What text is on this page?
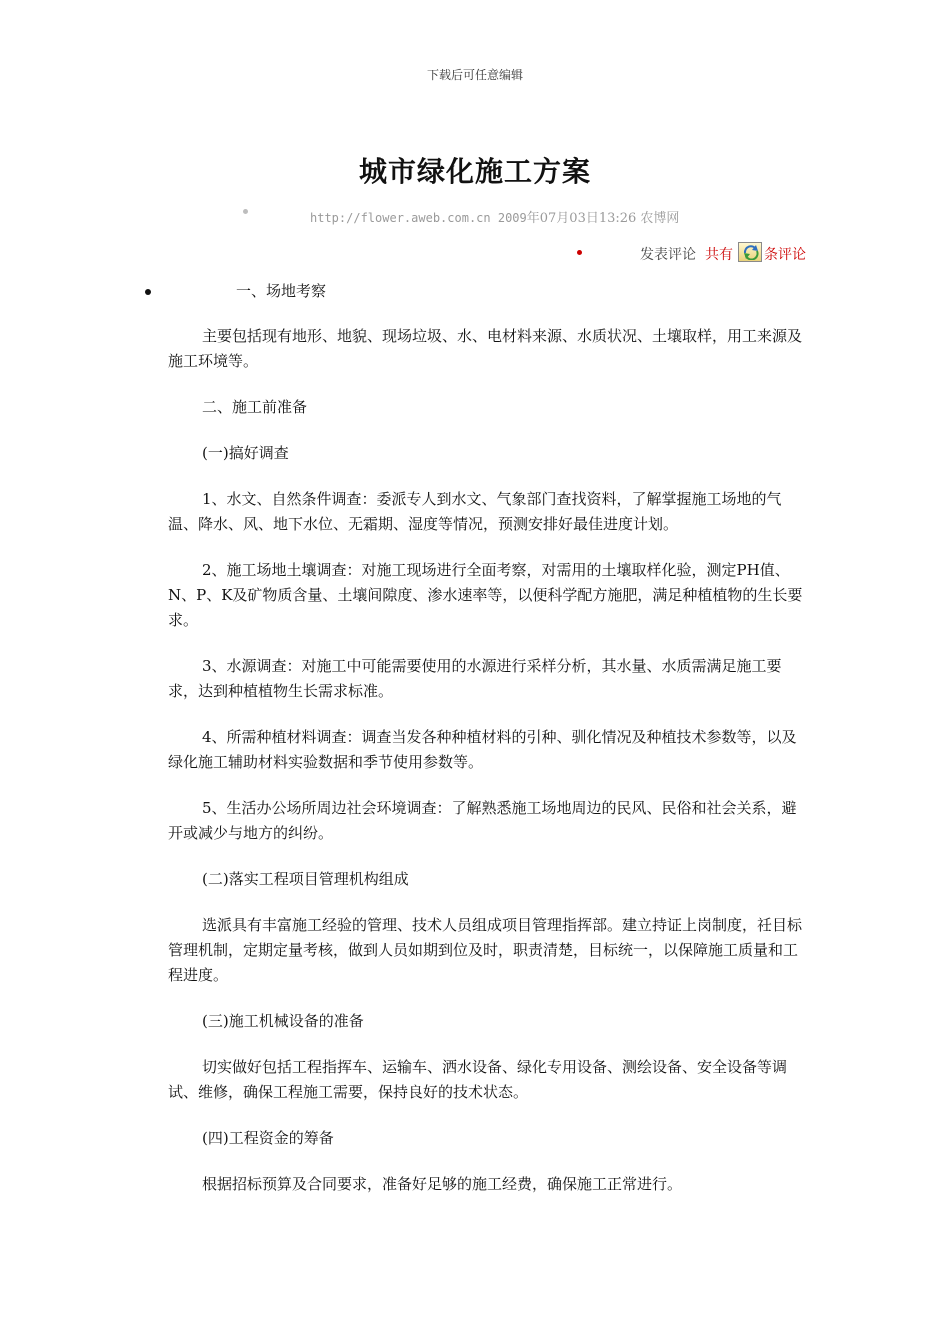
下载后可任意编辑
城市绿化施工方案
http://flower.aweb.com.cn 2009年07月03日13:26 农博网
发表评论 共有 条评论
一、场地考察

主要包括现有地形、地貌、现场垃圾、水、电材料来源、水质状况、土壤取样，用工来源及施工环境等。

二、施工前准备

(一)搞好调查

1、水文、自然条件调查：委派专人到水文、气象部门查找资料，了解掌握施工场地的气温、降水、风、地下水位、无霜期、湿度等情况，预测安排好最佳进度计划。

2、施工场地土壤调查：对施工现场进行全面考察，对需用的土壤取样化验，测定PH值、N、P、K及矿物质含量、土壤间隙度、渗水速率等，以便科学配方施肥，满足种植植物的生长要求。

3、水源调查：对施工中可能需要使用的水源进行采样分析，其水量、水质需满足施工要求，达到种植植物生长需求标准。

4、所需种植材料调查：调查当发各种种植材料的引种、驯化情况及种植技术参数等，以及绿化施工辅助材料实验数据和季节使用参数等。

5、生活办公场所周边社会环境调查：了解熟悉施工场地周边的民风、民俗和社会关系，避开或减少与地方的纠纷。

(二)落实工程项目管理机构组成

选派具有丰富施工经验的管理、技术人员组成项目管理指挥部。建立持证上岗制度，祍目标管理机制，定期定量考核，做到人员如期到位及时，职责清楚，目标统一，以保障施工质量和工程进度。

(三)施工机械设备的准备

切实做好包括工程指挥车、运输车、洒水设备、绿化专用设备、测绘设备、安全设备等调试、维修，确保工程施工需要，保持良好的技术状态。

(四)工程资金的筹备

根据招标预算及合同要求，准备好足够的施工经费，确保施工正常进行。
